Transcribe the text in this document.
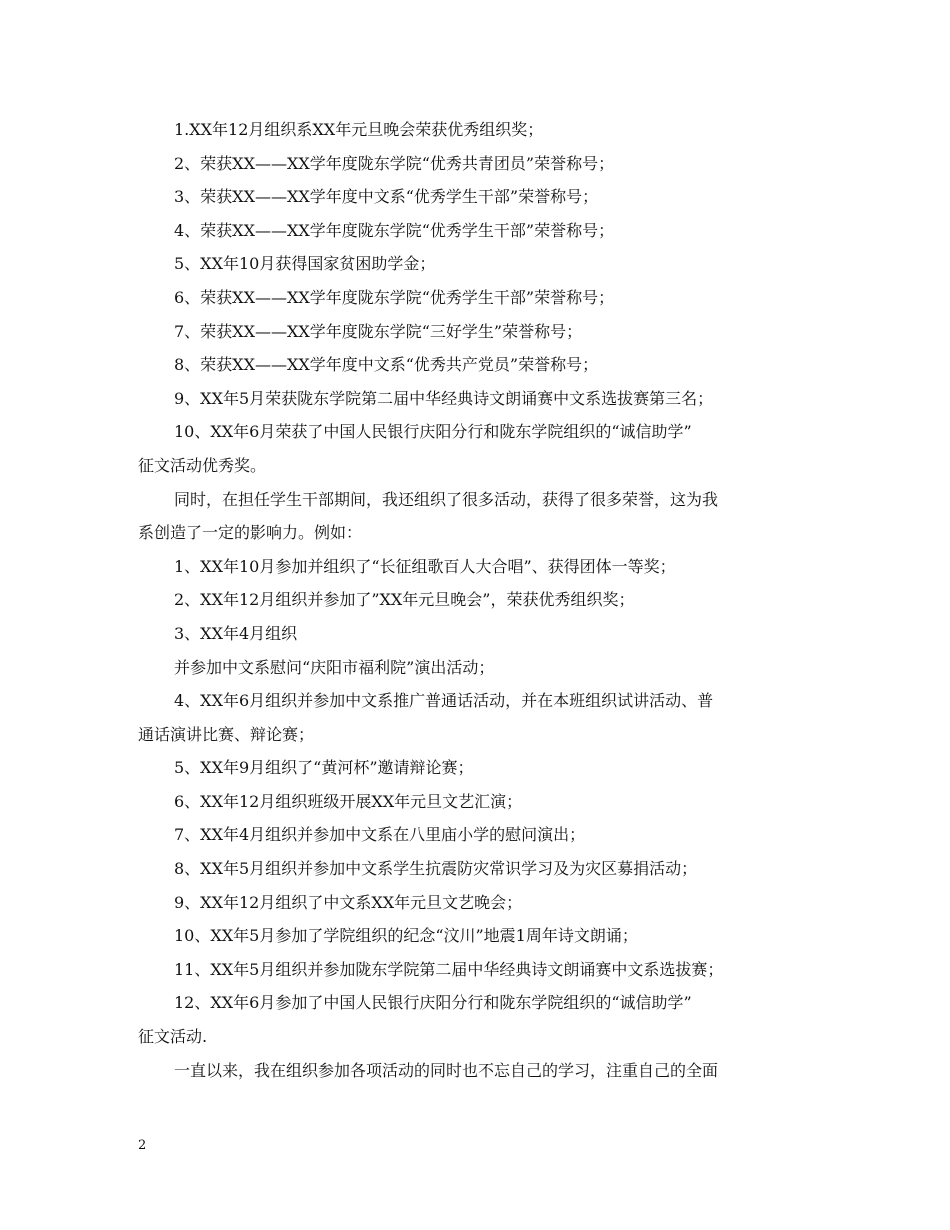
1.XX年12月组织系XX年元旦晚会荣获优秀组织奖；
2、荣获XX——XX学年度陇东学院“优秀共青团员”荣誉称号；
3、荣获XX——XX学年度中文系“优秀学生干部”荣誉称号；
4、荣获XX——XX学年度陇东学院“优秀学生干部”荣誉称号；
5、XX年10月获得国家贫困助学金；
6、荣获XX——XX学年度陇东学院“优秀学生干部”荣誉称号；
7、荣获XX——XX学年度陇东学院“三好学生”荣誉称号；
8、荣获XX——XX学年度中文系“优秀共产党员”荣誉称号；
9、XX年5月荣获陇东学院第二届中华经典诗文朗诵赛中文系选拔赛第三名；
10、XX年6月荣获了中国人民银行庆阳分行和陇东学院组织的“诚信助学”
征文活动优秀奖。
同时，在担任学生干部期间，我还组织了很多活动，获得了很多荣誉，这为我
系创造了一定的影响力。例如：
1、XX年10月参加并组织了“长征组歌百人大合唱”、获得团体一等奖；
2、XX年12月组织并参加了”XX年元旦晚会”，荣获优秀组织奖；
3、XX年4月组织
并参加中文系慰问“庆阳市福利院”演出活动；
4、XX年6月组织并参加中文系推广普通话活动，并在本班组织试讲活动、普
通话演讲比赛、辩论赛；
5、XX年9月组织了“黄河杯”邀请辩论赛；
6、XX年12月组织班级开展XX年元旦文艺汇演；
7、XX年4月组织并参加中文系在八里庙小学的慰问演出；
8、XX年5月组织并参加中文系学生抗震防灾常识学习及为灾区募捐活动；
9、XX年12月组织了中文系XX年元旦文艺晚会；
10、XX年5月参加了学院组织的纪念“汶川”地震1周年诗文朗诵；
11、XX年5月组织并参加陇东学院第二届中华经典诗文朗诵赛中文系选拔赛；
12、XX年6月参加了中国人民银行庆阳分行和陇东学院组织的“诚信助学”
征文活动.
一直以来，我在组织参加各项活动的同时也不忘自己的学习，注重自己的全面
2
